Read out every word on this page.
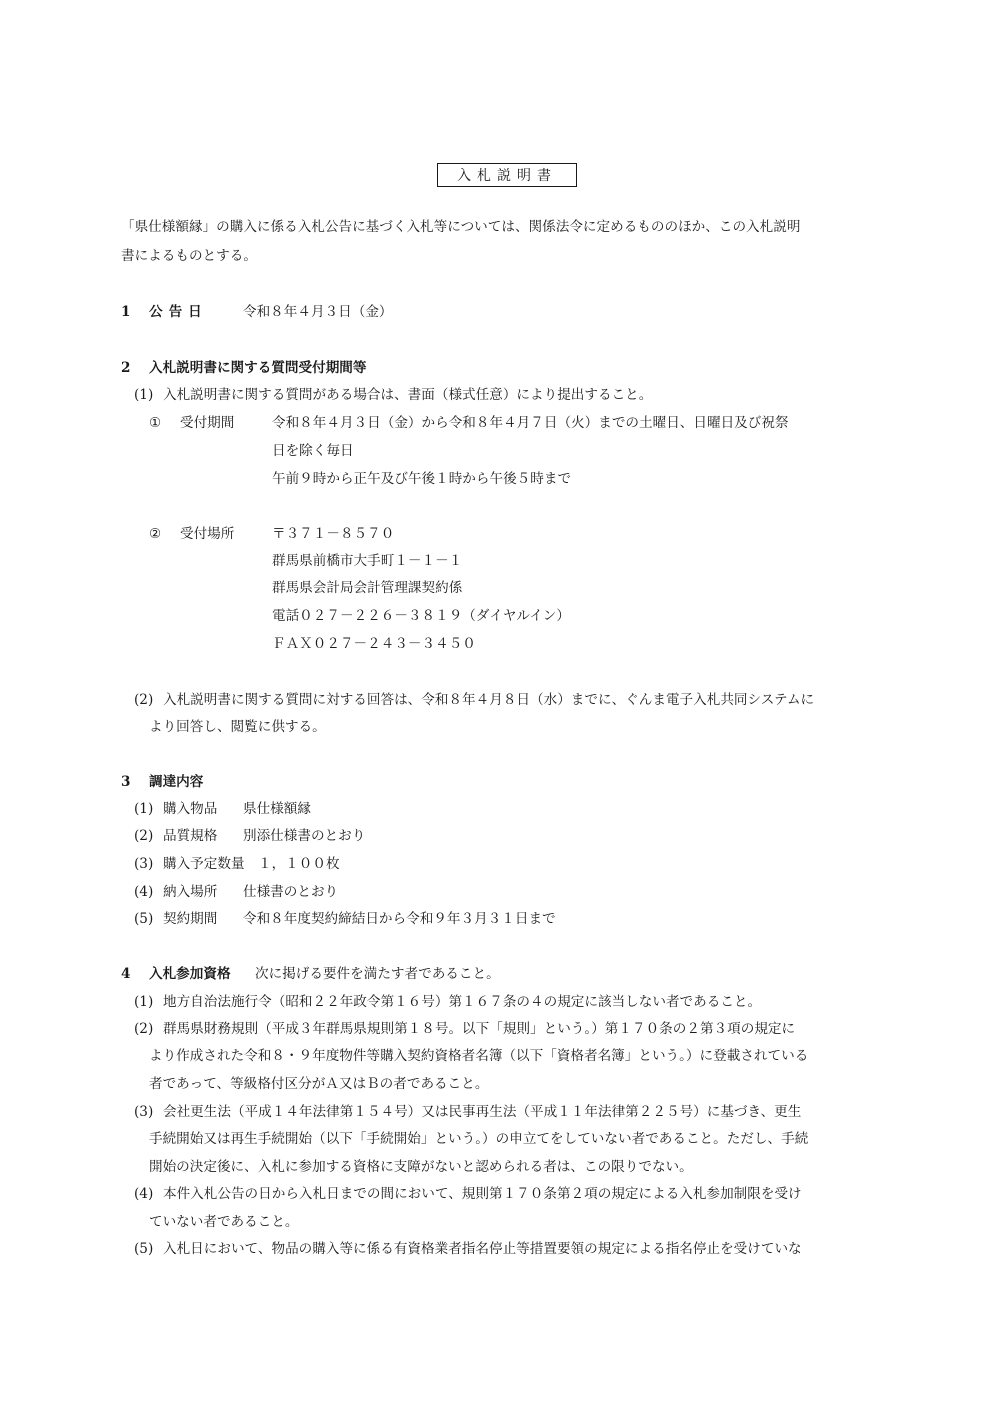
入札説明書
「県仕様額縁」の購入に係る入札公告に基づく入札等については、関係法令に定めるもののほか、この入札説明
書によるものとする。
1 公告日	令和８年４月３日（金）
2 入札説明書に関する質問受付期間等
(1) 入札説明書に関する質問がある場合は、書面（様式任意）により提出すること。
① 受付期間	令和８年４月３日（金）から令和８年４月７日（火）までの土曜日、日曜日及び祝祭
日を除く毎日
午前９時から正午及び午後１時から午後５時まで
② 受付場所	〒３７１－８５７０
群馬県前橋市大手町１－１－１
群馬県会計局会計管理課契約係
電話０２７－２２６－３８１９（ダイヤルイン）
ＦＡＸ０２７－２４３－３４５０
(2) 入札説明書に関する質問に対する回答は、令和８年４月８日（水）までに、ぐんま電子入札共同システムに
より回答し、閲覧に供する。
3 調達内容
(1) 購入物品 県仕様額縁
(2) 品質規格 別添仕様書のとおり
(3) 購入予定数量 １，１００枚
(4) 納入場所 仕様書のとおり
(5) 契約期間 令和８年度契約締結日から令和９年３月３１日まで
4 入札参加資格 次に掲げる要件を満たす者であること。
(1) 地方自治法施行令（昭和２２年政令第１６号）第１６７条の４の規定に該当しない者であること。
(2) 群馬県財務規則（平成３年群馬県規則第１８号。以下「規則」という。）第１７０条の２第３項の規定に
より作成された令和８・９年度物件等購入契約資格者名簿（以下「資格者名簿」という。）に登載されている
者であって、等級格付区分がＡ又はＢの者であること。
(3) 会社更生法（平成１４年法律第１５４号）又は民事再生法（平成１１年法律第２２５号）に基づき、更生
手続開始又は再生手続開始（以下「手続開始」という。）の申立てをしていない者であること。ただし、手続
開始の決定後に、入札に参加する資格に支障がないと認められる者は、この限りでない。
(4) 本件入札公告の日から入札日までの間において、規則第１７０条第２項の規定による入札参加制限を受け
ていない者であること。
(5) 入札日において、物品の購入等に係る有資格業者指名停止等措置要領の規定による指名停止を受けていな
